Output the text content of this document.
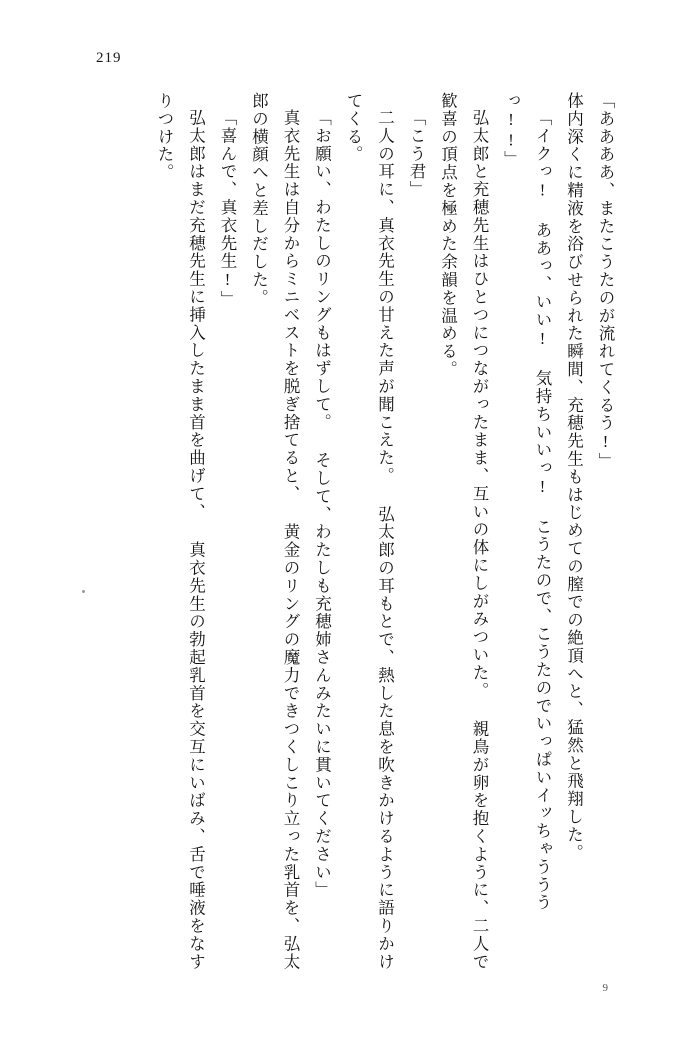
219

「ああああ、またこうたのが流れてくるう!」

体内深くに精液を浴びせられた瞬間、充穂先生もはじめての膣での絶頂へと、猛然と飛翔した。

「イクっ! ああっ、いい! 気持ちいいっ! こうたので、こうたのでいっぱいイッちゃうううっ!!」

弘太郎と充穂先生はひとつにつながったまま、互いの体にしがみついた。 親鳥が卵を抱くように、二人で歓喜の頂点を極めた余韻を温める。

「こう君」

二人の耳に、真衣先生の甘えた声が聞こえた。 弘太郎の耳もとで、熱した息を吹きかけるように語りかけてくる。

「お願い、わたしのリングもはずして。 そして、わたしも充穂姉さんみたいに貫いてください」

真衣先生は自分からミニベストを脱ぎ捨てると、 黄金のリングの魔力できつくしこり立った乳首を、弘太郎の横顔へと差しだした。

「喜んで、真衣先生!」

弘太郎はまだ充穂先生に挿入したまま首を曲げて、 真衣先生の勃起乳首を交互にいばみ、舌で唾液をなすりつけた。

9
